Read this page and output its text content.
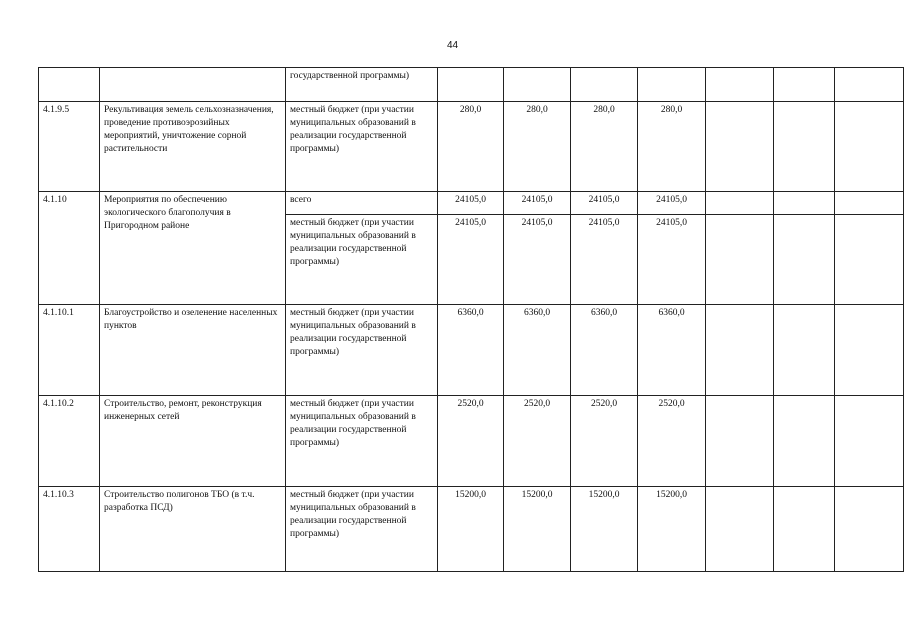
44
		государственной программы)							
4.1.9.5	Рекультивация земель сельхозназначения, проведение противоэрозийных мероприятий, уничтожение сорной растительности	местный бюджет (при участии муниципальных образований в реализации государственной программы)	280,0	280,0	280,0	280,0			
4.1.10	Мероприятия по обеспечению экологического благополучия в Пригородном районе	всего	24105,0	24105,0	24105,0	24105,0			
		местный бюджет (при участии муниципальных образований в реализации государственной программы)	24105,0	24105,0	24105,0	24105,0			
4.1.10.1	Благоустройство и озеленение населенных пунктов	местный бюджет (при участии муниципальных образований в реализации государственной программы)	6360,0	6360,0	6360,0	6360,0			
4.1.10.2	Строительство, ремонт, реконструкция инженерных сетей	местный бюджет (при участии муниципальных образований в реализации государственной программы)	2520,0	2520,0	2520,0	2520,0			
4.1.10.3	Строительство полигонов ТБО (в т.ч. разработка ПСД)	местный бюджет (при участии муниципальных образований в реализации государственной программы)	15200,0	15200,0	15200,0	15200,0			
